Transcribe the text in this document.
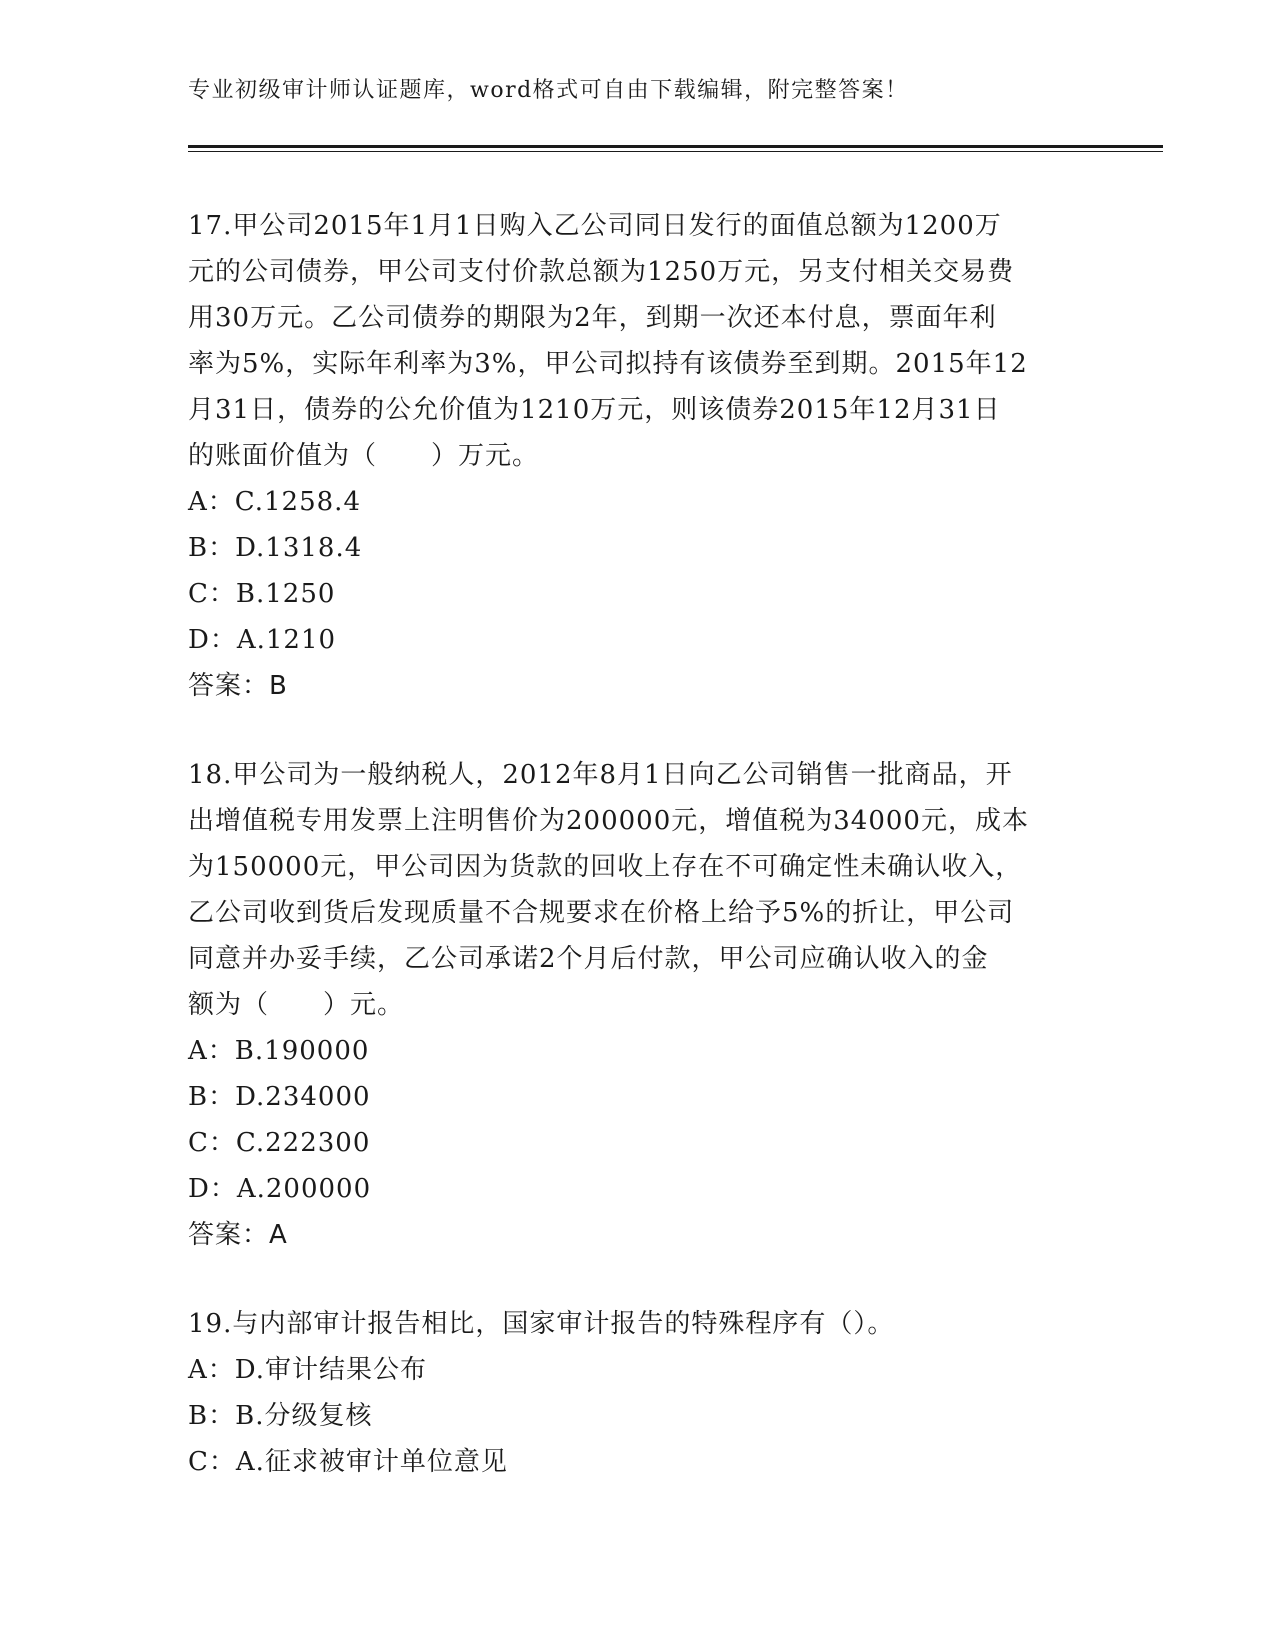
专业初级审计师认证题库，word格式可自由下载编辑，附完整答案！
17.甲公司2015年1月1日购入乙公司同日发行的面值总额为1200万
元的公司债券，甲公司支付价款总额为1250万元，另支付相关交易费
用30万元。乙公司债券的期限为2年，到期一次还本付息，票面年利
率为5%，实际年利率为3%，甲公司拟持有该债券至到期。2015年12
月31日，债券的公允价值为1210万元，则该债券2015年12月31日
的账面价值为（　　）万元。
A：C.1258.4
B：D.1318.4
C：B.1250
D：A.1210
答案：B
18.甲公司为一般纳税人，2012年8月1日向乙公司销售一批商品，开
出增值税专用发票上注明售价为200000元，增值税为34000元，成本
为150000元，甲公司因为货款的回收上存在不可确定性未确认收入，
乙公司收到货后发现质量不合规要求在价格上给予5%的折让，甲公司
同意并办妥手续，乙公司承诺2个月后付款，甲公司应确认收入的金
额为（　　）元。
A：B.190000
B：D.234000
C：C.222300
D：A.200000
答案：A
19.与内部审计报告相比，国家审计报告的特殊程序有（）。
A：D.审计结果公布
B：B.分级复核
C：A.征求被审计单位意见
